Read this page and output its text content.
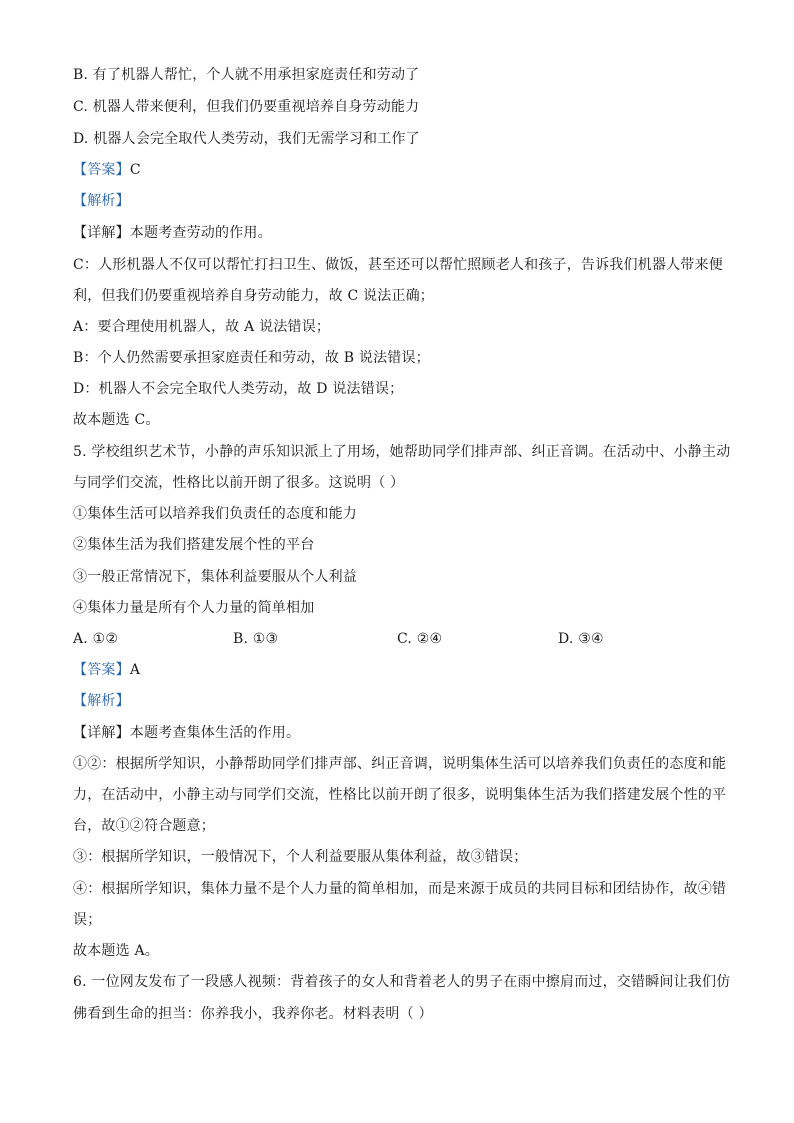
B. 有了机器人帮忙，个人就不用承担家庭责任和劳动了
C. 机器人带来便利，但我们仍要重视培养自身劳动能力
D. 机器人会完全取代人类劳动，我们无需学习和工作了
【答案】C
【解析】
【详解】本题考查劳动的作用。
C：人形机器人不仅可以帮忙打扫卫生、做饭，甚至还可以帮忙照顾老人和孩子，告诉我们机器人带来便
利，但我们仍要重视培养自身劳动能力，故 C 说法正确；
A：要合理使用机器人，故 A 说法错误；
B：个人仍然需要承担家庭责任和劳动，故 B 说法错误；
D：机器人不会完全取代人类劳动，故 D 说法错误；
故本题选 C。
5. 学校组织艺术节，小静的声乐知识派上了用场，她帮助同学们排声部、纠正音调。在活动中、小静主动
与同学们交流，性格比以前开朗了很多。这说明（ ）
①集体生活可以培养我们负责任的态度和能力
②集体生活为我们搭建发展个性的平台
③一般正常情况下，集体利益要服从个人利益
④集体力量是所有个人力量的简单相加
A. ①②	B. ①③	C. ②④	D. ③④
【答案】A
【解析】
【详解】本题考查集体生活的作用。
①②：根据所学知识，小静帮助同学们排声部、纠正音调，说明集体生活可以培养我们负责任的态度和能
力，在活动中，小静主动与同学们交流，性格比以前开朗了很多，说明集体生活为我们搭建发展个性的平
台，故①②符合题意；
③：根据所学知识，一般情况下，个人利益要服从集体利益，故③错误；
④：根据所学知识，集体力量不是个人力量的简单相加，而是来源于成员的共同目标和团结协作，故④错
误；
故本题选 A。
6. 一位网友发布了一段感人视频：背着孩子的女人和背着老人的男子在雨中擦肩而过，交错瞬间让我们仿
佛看到生命的担当：你养我小，我养你老。材料表明（ ）
